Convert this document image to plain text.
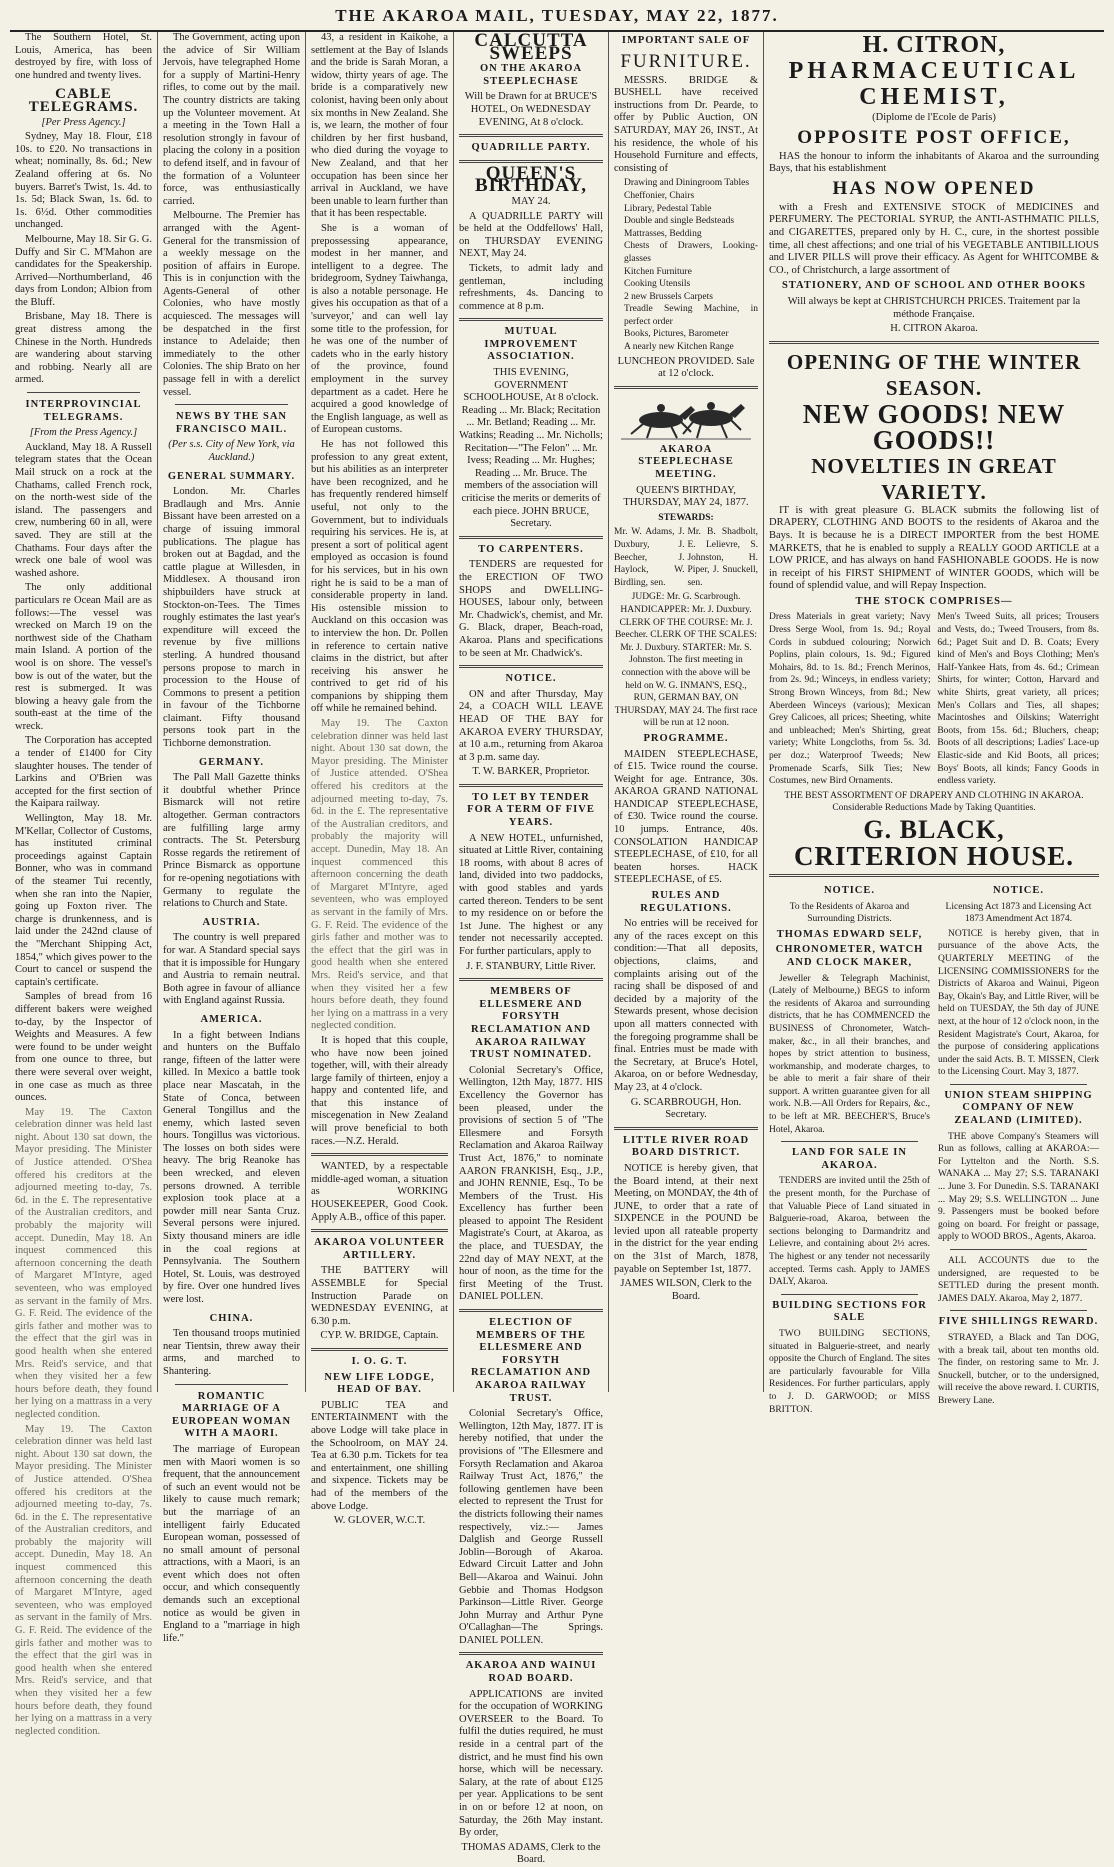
THE AKAROA MAIL, TUESDAY, MAY 22, 1877.

The Southern Hotel, St. Louis, America, has been destroyed by fire, with loss of one hundred and twenty lives.

CABLE TELEGRAMS.
[Per Press Agency.]

Sydney, May 18. Flour, £18 10s. to £20. No transactions in wheat; nominally, 8s. 6d.; New Zealand offering at 6s. No buyers. Barret's Twist, 1s. 4d. to 1s. 5d; Black Swan, 1s. 6d. to 1s. 6½d. Other commodities unchanged.

Melbourne, May 18. Sir G. G. Duffy and Sir C. M'Mahon are candidates for the Speakership. Arrived—Northumberland, 46 days from London; Albion from the Bluff.

Brisbane, May 18. There is great distress among the Chinese in the North. Hundreds are wandering about starving and robbing. Nearly all are armed.

INTERPROVINCIAL TELEGRAMS.
[From the Press Agency.]

Auckland, May 18. A Russell telegram states that the Ocean Mail struck on a rock at the Chathams, called French rock, on the north-west side of the island. The passengers and crew, numbering 60 in all, were saved. They are still at the Chathams. Four days after the wreck one bale of wool was washed ashore.

The only additional particulars re Ocean Mail are as follows:—The vessel was wrecked on March 19 on the northwest side of the Chatham main Island. A portion of the wool is on shore. The vessel's bow is out of the water, but the rest is submerged. It was blowing a heavy gale from the south-east at the time of the wreck.

The Corporation has accepted a tender of £1400 for City slaughter houses. The tender of Larkins and O'Brien was accepted for the first section of the Kaipara railway.

Wellington, May 18. Mr. M'Kellar, Collector of Customs, has instituted criminal proceedings against Captain Bonner, who was in command of the steamer Tui recently, when she ran into the Napier, going up Foxton river. The charge is drunkenness, and is laid under the 242nd clause of the "Merchant Shipping Act, 1854," which gives power to the Court to cancel or suspend the captain's certificate.

Samples of bread from 16 different bakers were weighed to-day, by the Inspector of Weights and Measures. A few were found to be under weight from one ounce to three, but there were several over weight, in one case as much as three ounces.

May 19. The Caxton celebration dinner was held last night. About 130 sat down, the Mayor presiding. The Minister of Justice attended. O'Shea offered his creditors at the adjourned meeting to-day, 7s. 6d. in the £. The representative of the Australian creditors, and probably the majority will accept. Dunedin, May 18. An inquest commenced this afternoon concerning the death of Margaret M'Intyre, aged seventeen, who was employed as servant in the family of Mrs. G. F. Reid. The evidence of the girls father and mother was to the effect that the girl was in good health when she entered Mrs. Reid's service, and that when they visited her a few hours before death, they found her lying on a mattrass in a very neglected condition.

May 19. The Caxton celebration dinner was held last night. About 130 sat down, the Mayor presiding. The Minister of Justice attended. O'Shea offered his creditors at the adjourned meeting to-day, 7s. 6d. in the £. The representative of the Australian creditors, and probably the majority will accept. Dunedin, May 18. An inquest commenced this afternoon concerning the death of Margaret M'Intyre, aged seventeen, who was employed as servant in the family of Mrs. G. F. Reid. The evidence of the girls father and mother was to the effect that the girl was in good health when she entered Mrs. Reid's service, and that when they visited her a few hours before death, they found her lying on a mattrass in a very neglected condition.

The Government, acting upon the advice of Sir William Jervois, have telegraphed Home for a supply of Martini-Henry rifles, to come out by the mail. The country districts are taking up the Volunteer movement. At a meeting in the Town Hall a resolution strongly in favour of placing the colony in a position to defend itself, and in favour of the formation of a Volunteer force, was enthusiastically carried.

Melbourne. The Premier has arranged with the Agent-General for the transmission of a weekly message on the position of affairs in Europe. This is in conjunction with the Agents-General of other Colonies, who have mostly acquiesced. The messages will be despatched in the first instance to Adelaide; then immediately to the other Colonies. The ship Brato on her passage fell in with a derelict vessel.

NEWS BY THE SAN FRANCISCO MAIL.
(Per s.s. City of New York, via Auckland.)
GENERAL SUMMARY.

London. Mr. Charles Bradlaugh and Mrs. Annie Bissant have been arrested on a charge of issuing immoral publications. The plague has broken out at Bagdad, and the cattle plague at Willesden, in Middlesex. A thousand iron shipbuilders have struck at Stockton-on-Tees. The Times roughly estimates the last year's expenditure will exceed the revenue by five millions sterling. A hundred thousand persons propose to march in procession to the House of Commons to present a petition in favour of the Tichborne claimant. Fifty thousand persons took part in the Tichborne demonstration.

GERMANY.

The Pall Mall Gazette thinks it doubtful whether Prince Bismarck will not retire altogether. German contractors are fulfilling large army contracts. The St. Petersburg Rosse regards the retirement of Prince Bismarck as opportune for re-opening negotiations with Germany to regulate the relations to Church and State.

AUSTRIA.

The country is well prepared for war. A Standard special says that it is impossible for Hungary and Austria to remain neutral. Both agree in favour of alliance with England against Russia.

AMERICA.

In a fight between Indians and hunters on the Buffalo range, fifteen of the latter were killed. In Mexico a battle took place near Mascatah, in the State of Conca, between General Tongillus and the enemy, which lasted seven hours. Tongillus was victorious. The losses on both sides were heavy. The brig Reanoke has been wrecked, and eleven persons drowned. A terrible explosion took place at a powder mill near Santa Cruz. Several persons were injured. Sixty thousand miners are idle in the coal regions at Pennsylvania. The Southern Hotel, St. Louis, was destroyed by fire. Over one hundred lives were lost.

CHINA.

Ten thousand troops mutinied near Tientsin, threw away their arms, and marched to Shantering.

ROMANTIC MARRIAGE OF A EUROPEAN WOMAN WITH A MAORI.

The marriage of European men with Maori women is so frequent, that the announcement of such an event would not be likely to cause much remark; but the marriage of an intelligent fairly Educated European woman, possessed of no small amount of personal attractions, with a Maori, is an event which does not often occur, and which consequently demands such an exceptional notice as would be given in England to a "marriage in high life."

43, a resident in Kaikohe, a settlement at the Bay of Islands and the bride is Sarah Moran, a widow, thirty years of age. The bride is a comparatively new colonist, having been only about six months in New Zealand. She is, we learn, the mother of four children by her first husband, who died during the voyage to New Zealand, and that her occupation has been since her arrival in Auckland, we have been unable to learn further than that it has been respectable.

She is a woman of prepossessing appearance, modest in her manner, and intelligent to a degree. The bridegroom, Sydney Taiwhanga, is also a notable personage. He gives his occupation as that of a 'surveyor,' and can well lay some title to the profession, for he was one of the number of cadets who in the early history of the province, found employment in the survey department as a cadet. Here he acquired a good knowledge of the English language, as well as of European customs.

He has not followed this profession to any great extent, but his abilities as an interpreter have been recognized, and he has frequently rendered himself useful, not only to the Government, but to individuals requiring his services. He is, at present a sort of political agent employed as occasion is found for his services, but in his own right he is said to be a man of considerable property in land. His ostensible mission to Auckland on this occasion was to interview the hon. Dr. Pollen in reference to certain native claims in the district, but after receiving his answer he contrived to get rid of his companions by shipping them off while he remained behind.

May 19. The Caxton celebration dinner was held last night. About 130 sat down, the Mayor presiding. The Minister of Justice attended. O'Shea offered his creditors at the adjourned meeting to-day, 7s. 6d. in the £. The representative of the Australian creditors, and probably the majority will accept. Dunedin, May 18. An inquest commenced this afternoon concerning the death of Margaret M'Intyre, aged seventeen, who was employed as servant in the family of Mrs. G. F. Reid. The evidence of the girls father and mother was to the effect that the girl was in good health when she entered Mrs. Reid's service, and that when they visited her a few hours before death, they found her lying on a mattrass in a very neglected condition.

It is hoped that this couple, who have now been joined together, will, with their already large family of thirteen, enjoy a happy and contented life, and that this instance of miscegenation in New Zealand will prove beneficial to both races.—N.Z. Herald.

WANTED, by a respectable middle-aged woman, a situation as WORKING HOUSEKEEPER, Good Cook. Apply A.B., office of this paper.

AKAROA VOLUNTEER ARTILLERY.

THE BATTERY will ASSEMBLE for Special Instruction Parade on WEDNESDAY EVENING, at 6.30 p.m.

CYP. W. BRIDGE, Captain.
I. O. G. T.
NEW LIFE LODGE, HEAD OF BAY.

PUBLIC TEA and ENTERTAINMENT with the above Lodge will take place in the Schoolroom, on MAY 24. Tea at 6.30 p.m. Tickets for tea and entertainment, one shilling and sixpence. Tickets may be had of the members of the above Lodge.

W. GLOVER, W.C.T.
CALCUTTA SWEEPS
ON THE AKAROA STEEPLECHASE
Will be Drawn for at BRUCE'S HOTEL, On WEDNESDAY EVENING, At 8 o'clock.
QUADRILLE PARTY.
QUEEN'S BIRTHDAY,
MAY 24.

A QUADRILLE PARTY will be held at the Oddfellows' Hall, on THURSDAY EVENING NEXT, May 24.

Tickets, to admit lady and gentleman, including refreshments, 4s. Dancing to commence at 8 p.m.

MUTUAL IMPROVEMENT ASSOCIATION.
THIS EVENING, GOVERNMENT SCHOOLHOUSE, At 8 o'clock. Reading ... Mr. Black; Recitation ... Mr. Betland; Reading ... Mr. Watkins; Reading ... Mr. Nicholls; Recitation—"The Felon" ... Mr. Ivess; Reading ... Mr. Hughes; Reading ... Mr. Bruce. The members of the association will criticise the merits or demerits of each piece. JOHN BRUCE, Secretary.
TO CARPENTERS.

TENDERS are requested for the ERECTION OF TWO SHOPS and DWELLING-HOUSES, labour only, between Mr. Chadwick's, chemist, and Mr. G. Black, draper, Beach-road, Akaroa. Plans and specifications to be seen at Mr. Chadwick's.

NOTICE.

ON and after Thursday, May 24, a COACH WILL LEAVE HEAD OF THE BAY for AKAROA EVERY THURSDAY, at 10 a.m., returning from Akaroa at 3 p.m. same day.

T. W. BARKER, Proprietor.
TO LET BY TENDER FOR A TERM OF FIVE YEARS.

A NEW HOTEL, unfurnished, situated at Little River, containing 18 rooms, with about 8 acres of land, divided into two paddocks, with good stables and yards carted thereon. Tenders to be sent to my residence on or before the 1st June. The highest or any tender not necessarily accepted. For further particulars, apply to

J. F. STANBURY, Little River.
MEMBERS OF ELLESMERE AND FORSYTH RECLAMATION AND AKAROA RAILWAY TRUST NOMINATED.

Colonial Secretary's Office, Wellington, 12th May, 1877. HIS Excellency the Governor has been pleased, under the provisions of section 5 of "The Ellesmere and Forsyth Reclamation and Akaroa Railway Trust Act, 1876," to nominate AARON FRANKISH, Esq., J.P., and JOHN RENNIE, Esq., To be Members of the Trust. His Excellency has further been pleased to appoint The Resident Magistrate's Court, at Akaroa, as the place, and TUESDAY, the 22nd day of MAY NEXT, at the hour of noon, as the time for the first Meeting of the Trust. DANIEL POLLEN.

ELECTION OF MEMBERS OF THE ELLESMERE AND FORSYTH RECLAMATION AND AKAROA RAILWAY TRUST.

Colonial Secretary's Office, Wellington, 12th May, 1877. IT is hereby notified, that under the provisions of "The Ellesmere and Forsyth Reclamation and Akaroa Railway Trust Act, 1876," the following gentlemen have been elected to represent the Trust for the districts following their names respectively, viz.:— James Dalglish and George Russell Joblin—Borough of Akaroa. Edward Circuit Latter and John Bell—Akaroa and Wainui. John Gebbie and Thomas Hodgson Parkinson—Little River. George John Murray and Arthur Pyne O'Callaghan—The Springs. DANIEL POLLEN.

AKAROA AND WAINUI ROAD BOARD.

APPLICATIONS are invited for the occupation of WORKING OVERSEER to the Board. To fulfil the duties required, he must reside in a central part of the district, and he must find his own horse, which will be necessary. Salary, at the rate of about £125 per year. Applications to be sent in on or before 12 at noon, on Saturday, the 26th May instant. By order,

THOMAS ADAMS, Clerk to the Board.
IMPORTANT SALE OF
FURNITURE.

MESSRS. BRIDGE & BUSHELL have received instructions from Dr. Pearde, to offer by Public Auction, ON SATURDAY, MAY 26, INST., At his residence, the whole of his Household Furniture and effects, consisting of

Drawing and Diningroom Tables
Cheffonier, Chairs
Library, Pedestal Table
Double and single Bedsteads
Mattrasses, Bedding
Chests of Drawers, Looking-glasses
Kitchen Furniture
Cooking Utensils
2 new Brussels Carpets
Treadle Sewing Machine, in perfect order
Books, Pictures, Barometer
A nearly new Kitchen Range
LUNCHEON PROVIDED. Sale at 12 o'clock.
AKAROA STEEPLECHASE MEETING.
QUEEN'S BIRTHDAY, THURSDAY, MAY 24, 1877.
STEWARDS:
Mr. W. Adams, J. Duxbury, J. Beecher, J. Haylock, W. Birdling, sen.
Mr. B. Shadbolt, E. Lelievre, S. Johnston, H. Piper, J. Snuckell, sen.
JUDGE: Mr. G. Scarbrough. HANDICAPPER: Mr. J. Duxbury. CLERK OF THE COURSE: Mr. J. Beecher. CLERK OF THE SCALES: Mr. J. Duxbury. STARTER: Mr. S. Johnston. The first meeting in connection with the above will be held on W. G. INMAN'S, ESQ., RUN, GERMAN BAY, ON THURSDAY, MAY 24. The first race will be run at 12 noon.
PROGRAMME.

MAIDEN STEEPLECHASE, of £15. Twice round the course. Weight for age. Entrance, 30s. AKAROA GRAND NATIONAL HANDICAP STEEPLECHASE, of £30. Twice round the course. 10 jumps. Entrance, 40s. CONSOLATION HANDICAP STEEPLECHASE, of £10, for all beaten horses. HACK STEEPLECHASE, of £5.

RULES AND REGULATIONS.

No entries will be received for any of the races except on this condition:—That all deposits, objections, claims, and complaints arising out of the racing shall be disposed of and decided by a majority of the Stewards present, whose decision upon all matters connected with the foregoing programme shall be final. Entries must be made with the Secretary, at Bruce's Hotel, Akaroa, on or before Wednesday, May 23, at 4 o'clock.

G. SCARBROUGH, Hon. Secretary.
LITTLE RIVER ROAD BOARD DISTRICT.

NOTICE is hereby given, that the Board intend, at their next Meeting, on MONDAY, the 4th of JUNE, to order that a rate of SIXPENCE in the POUND be levied upon all rateable property in the district for the year ending on the 31st of March, 1878, payable on September 1st, 1877.

JAMES WILSON, Clerk to the Board.
H. CITRON,
PHARMACEUTICAL CHEMIST,
(Diplome de l'Ecole de Paris)
OPPOSITE POST OFFICE,

HAS the honour to inform the inhabitants of Akaroa and the surrounding Bays, that his establishment

HAS NOW OPENED

with a Fresh and EXTENSIVE STOCK of MEDICINES and PERFUMERY. The PECTORIAL SYRUP, the ANTI-ASTHMATIC PILLS, and CIGARETTES, prepared only by H. C., cure, in the shortest possible time, all chest affections; and one trial of his VEGETABLE ANTIBILLIOUS and LIVER PILLS will prove their efficacy. As Agent for WHITCOMBE & CO., of Christchurch, a large assortment of

STATIONERY, AND OF SCHOOL AND OTHER BOOKS
Will always be kept at CHRISTCHURCH PRICES. Traitement par la méthode Française.
H. CITRON Akaroa.
OPENING OF THE WINTER SEASON.
NEW GOODS! NEW GOODS!!
NOVELTIES IN GREAT VARIETY.

IT is with great pleasure G. BLACK submits the following list of DRAPERY, CLOTHING AND BOOTS to the residents of Akaroa and the Bays. It is because he is a DIRECT IMPORTER from the best HOME MARKETS, that he is enabled to supply a REALLY GOOD ARTICLE at a LOW PRICE, and has always on hand FASHIONABLE GOODS. He is now in receipt of his FIRST SHIPMENT of WINTER GOODS, which will be found of splendid value, and will Repay Inspection.

THE STOCK COMPRISES—
Dress Materials in great variety; Navy Dress Serge Wool, from 1s. 9d.; Royal Cords in subdued colouring; Norwich Poplins, plain colours, 1s. 9d.; Figured Mohairs, 8d. to 1s. 8d.; French Merinos, from 2s. 9d.; Winceys, in endless variety; Strong Brown Winceys, from 8d.; New Aberdeen Winceys (various); Mexican Grey Calicoes, all prices; Sheeting, white and unbleached; Men's Shirting, great variety; White Longcloths, from 5s. 3d. per doz.; Waterproof Tweeds; New Promenade Scarfs, Silk Ties; New Costumes, new Bird Ornaments.
Men's Tweed Suits, all prices; Trousers and Vests, do.; Tweed Trousers, from 8s. 6d.; Paget Suit and D. B. Coats; Every kind of Men's and Boys Clothing; Men's Half-Yankee Hats, from 4s. 6d.; Crimean Shirts, for winter; Cotton, Harvard and white Shirts, great variety, all prices; Men's Collars and Ties, all shapes; Macintoshes and Oilskins; Waterright Boots, from 15s. 6d.; Bluchers, cheap; Boots of all descriptions; Ladies' Lace-up Elastic-side and Kid Boots, all prices; Boys' Boots, all kinds; Fancy Goods in endless variety.
THE BEST ASSORTMENT OF DRAPERY AND CLOTHING IN AKAROA. Considerable Reductions Made by Taking Quantities.
G. BLACK,
CRITERION HOUSE.
NOTICE.
To the Residents of Akaroa and Surrounding Districts.
THOMAS EDWARD SELF,
CHRONOMETER, WATCH AND CLOCK MAKER,

Jeweller & Telegraph Machinist, (Lately of Melbourne,) BEGS to inform the residents of Akaroa and surrounding districts, that he has COMMENCED the BUSINESS of Chronometer, Watch-maker, &c., in all their branches, and hopes by strict attention to business, workmanship, and moderate charges, to be able to merit a fair share of their support. A written guarantee given for all work. N.B.—All Orders for Repairs, &c., to be left at MR. BEECHER'S, Bruce's Hotel, Akaroa.

LAND FOR SALE IN AKAROA.

TENDERS are invited until the 25th of the present month, for the Purchase of that Valuable Piece of Land situated in Balguerie-road, Akaroa, between the sections belonging to Darmandritz and Lelievre, and containing about 2½ acres. The highest or any tender not necessarily accepted. Terms cash. Apply to JAMES DALY, Akaroa.

BUILDING SECTIONS FOR SALE

TWO BUILDING SECTIONS, situated in Balguerie-street, and nearly opposite the Church of England. The sites are particularly favourable for Villa Residences. For further particulars, apply to J. D. GARWOOD; or MISS BRITTON.

NOTICE.
Licensing Act 1873 and Licensing Act 1873 Amendment Act 1874.

NOTICE is hereby given, that in pursuance of the above Acts, the QUARTERLY MEETING of the LICENSING COMMISSIONERS for the Districts of Akaroa and Wainui, Pigeon Bay, Okain's Bay, and Little River, will be held on TUESDAY, the 5th day of JUNE next, at the hour of 12 o'clock noon, in the Resident Magistrate's Court, Akaroa, for the purpose of considering applications under the said Acts. B. T. MISSEN, Clerk to the Licensing Court. May 3, 1877.

UNION STEAM SHIPPING COMPANY OF NEW ZEALAND (LIMITED).

THE above Company's Steamers will Run as follows, calling at AKAROA:— For Lyttelton and the North. S.S. WANAKA ... May 27; S.S. TARANAKI ... June 3. For Dunedin. S.S. TARANAKI ... May 29; S.S. WELLINGTON ... June 9. Passengers must be booked before going on board. For freight or passage, apply to WOOD BROS., Agents, Akaroa.

ALL ACCOUNTS due to the undersigned, are requested to be SETTLED during the present month. JAMES DALY. Akaroa, May 2, 1877.

FIVE SHILLINGS REWARD.

STRAYED, a Black and Tan DOG, with a break tail, about ten months old. The finder, on restoring same to Mr. J. Snuckell, butcher, or to the undersigned, will receive the above reward. I. CURTIS, Brewery Lane.
